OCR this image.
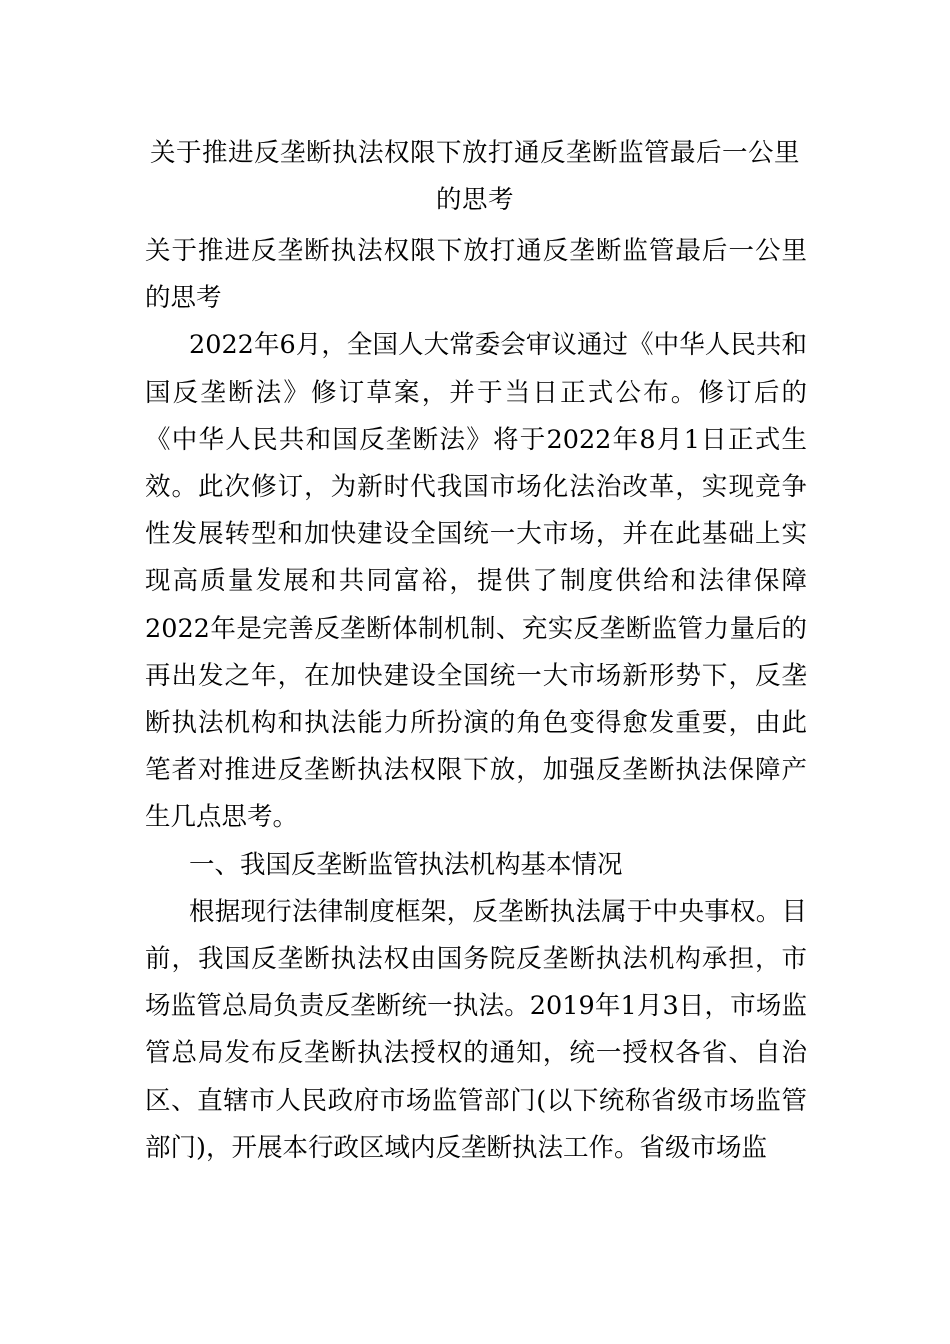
关于推进反垄断执法权限下放打通反垄断监管最后一公里的思考

关于推进反垄断执法权限下放打通反垄断监管最后一公里的思考

2022年6月，全国人大常委会审议通过《中华人民共和国反垄断法》修订草案，并于当日正式公布。修订后的《中华人民共和国反垄断法》将于2022年8月1日正式生效。此次修订，为新时代我国市场化法治改革，实现竞争性发展转型和加快建设全国统一大市场，并在此基础上实现高质量发展和共同富裕，提供了制度供给和法律保障2022年是完善反垄断体制机制、充实反垄断监管力量后的再出发之年，在加快建设全国统一大市场新形势下，反垄断执法机构和执法能力所扮演的角色变得愈发重要，由此笔者对推进反垄断执法权限下放，加强反垄断执法保障产生几点思考。

一、我国反垄断监管执法机构基本情况

根据现行法律制度框架，反垄断执法属于中央事权。目前，我国反垄断执法权由国务院反垄断执法机构承担，市场监管总局负责反垄断统一执法。2019年1月3日，市场监管总局发布反垄断执法授权的通知，统一授权各省、自治区、直辖市人民政府市场监管部门(以下统称省级市场监管部门)，开展本行政区域内反垄断执法工作。省级市场监
